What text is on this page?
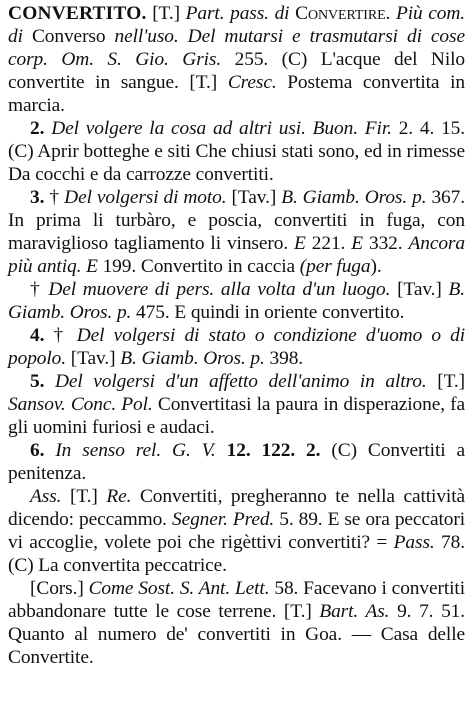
CONVERTITO. [T.] Part. pass. di Convertire. Più com. di Converso nell'uso. Del mutarsi e trasmutarsi di cose corp. Om. S. Gio. Gris. 255. (C) L'acque del Nilo convertite in sangue. [T.] Cresc. Postema convertita in marcia.
2. Del volgere la cosa ad altri usi. Buon. Fir. 2. 4. 15. (C) Aprir botteghe e siti Che chiusi stati sono, ed in rimesse Da cocchi e da carrozze convertiti.
3. † Del volgersi di moto. [Tav.] B. Giamb. Oros. p. 367. In prima li turbàro, e poscia, convertiti in fuga, con maraviglioso tagliamento li vinsero. E 221. E 332. Ancora più antiq. E 199. Convertito in caccia (per fuga).
† Del muovere di pers. alla volta d'un luogo. [Tav.] B. Giamb. Oros. p. 475. E quindi in oriente convertito.
4. † Del volgersi di stato o condizione d'uomo o di popolo. [Tav.] B. Giamb. Oros. p. 398.
5. Del volgersi d'un affetto dell'animo in altro. [T.] Sansov. Conc. Pol. Convertitasi la paura in disperazione, fa gli uomini furiosi e audaci.
6. In senso rel. G. V. 12. 122. 2. (C) Convertiti a penitenza.
Ass. [T.] Re. Convertiti, pregheranno te nella cattività dicendo: peccammo. Segner. Pred. 5. 89. E se ora peccatori vi accoglie, volete poi che rigèttivi convertiti? = Pass. 78. (C) La convertita peccatrice.
[Cors.] Come Sost. S. Ant. Lett. 58. Facevano i convertiti abbandonare tutte le cose terrene. [T.] Bart. As. 9. 7. 51. Quanto al numero de' convertiti in Goa. — Casa delle Convertite.
